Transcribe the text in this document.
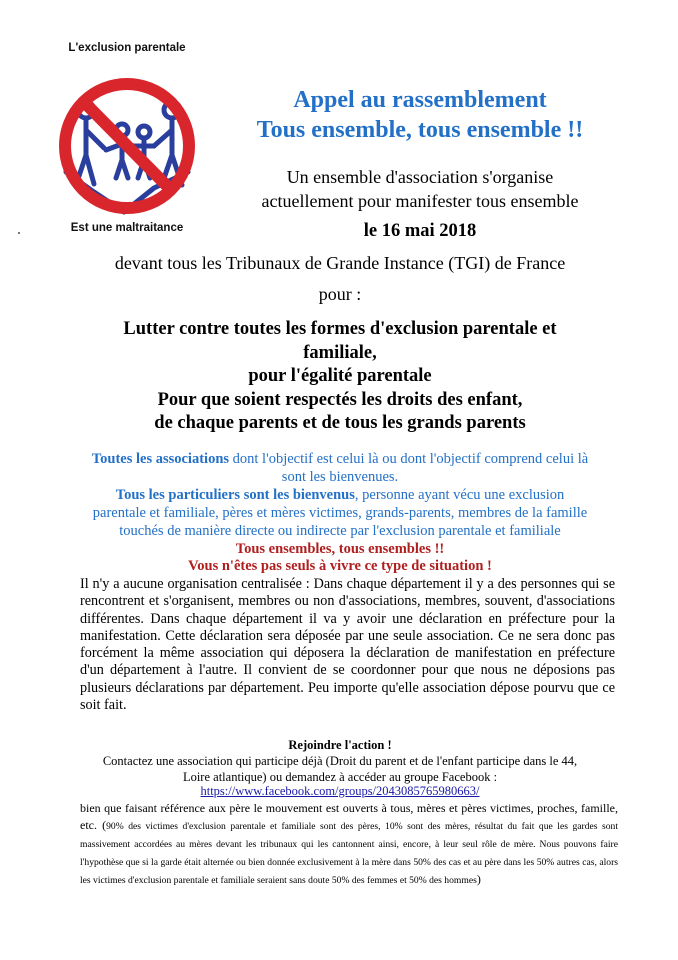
L'exclusion parentale
Est une maltraitance
Appel au rassemblement
Tous ensemble, tous ensemble !!
Un ensemble d'association s'organise
actuellement pour manifester tous ensemble
le 16 mai 2018
devant tous les Tribunaux de Grande Instance (TGI) de France
pour :
Lutter contre toutes les formes d'exclusion parentale et
familiale,
pour l'égalité parentale
Pour que soient respectés les droits des enfant,
de chaque parents et de tous les grands parents
Toutes les associations dont l'objectif est celui là ou dont l'objectif comprend celui là
sont les bienvenues.
Tous les particuliers sont les bienvenus, personne ayant vécu une exclusion
parentale et familiale, pères et mères victimes, grands-parents, membres de la famille
touchés de manière directe ou indirecte par l'exclusion parentale et familiale
Tous ensembles, tous ensembles !!
Vous n'êtes pas seuls à vivre ce type de situation !
Il n'y a aucune organisation centralisée : Dans chaque département il y a des personnes qui se rencontrent et s'organisent, membres ou non d'associations, membres, souvent, d'associations différentes. Dans chaque département il va y avoir une déclaration en préfecture pour la manifestation. Cette déclaration sera déposée par une seule association. Ce ne sera donc pas forcément la même association qui déposera la déclaration de manifestation en préfecture d'un département à l'autre. Il convient de se coordonner pour que nous ne déposions pas plusieurs déclarations par département. Peu importe qu'elle association dépose pourvu que ce soit fait.
Rejoindre l'action !
Contactez une association qui participe déjà (Droit du parent et de l'enfant participe dans le 44,
Loire atlantique) ou demandez à accéder au groupe Facebook :
https://www.facebook.com/groups/2043085765980663/
bien que faisant référence aux père le mouvement est ouverts à tous, mères et pères victimes, proches, famille, etc. (90% des victimes d'exclusion parentale et familiale sont des pères, 10% sont des mères, résultat du fait que les gardes sont massivement accordées au mères devant les tribunaux qui les cantonnent ainsi, encore, à leur seul rôle de mère. Nous pouvons faire l'hypothèse que si la garde était alternée ou bien donnée exclusivement à la mère dans 50% des cas et au père dans les 50% autres cas, alors les victimes d'exclusion parentale et familiale seraient sans doute 50% des femmes et 50% des hommes)
